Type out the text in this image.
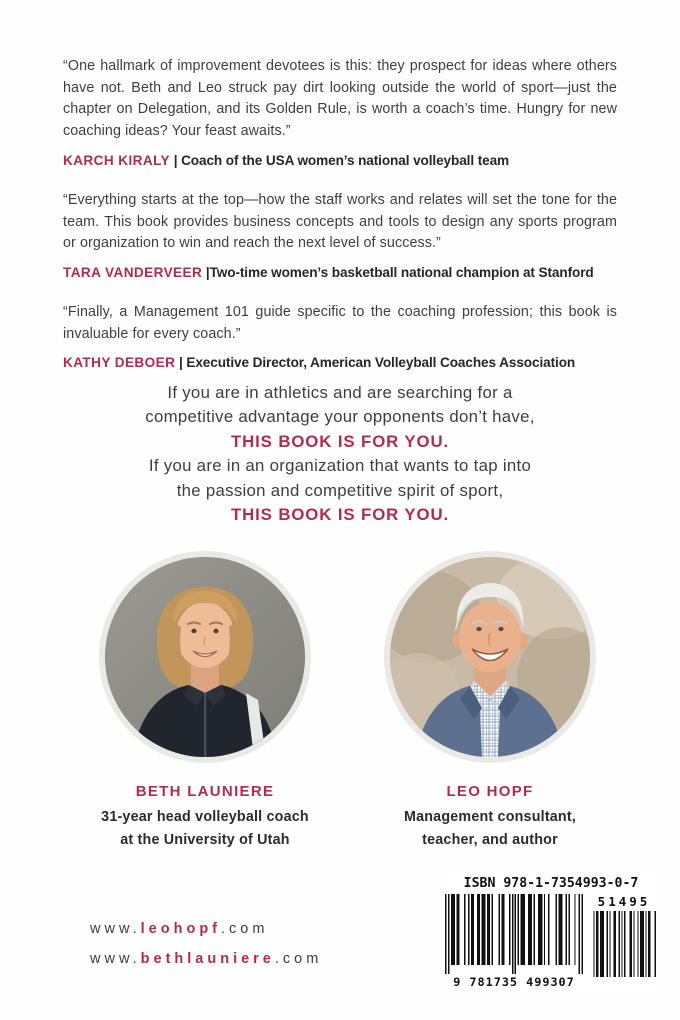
“One hallmark of improvement devotees is this: they prospect for ideas where others have not. Beth and Leo struck pay dirt looking outside the world of sport—just the chapter on Delegation, and its Golden Rule, is worth a coach’s time. Hungry for new coaching ideas? Your feast awaits.”

KARCH KIRALY | Coach of the USA women’s national volleyball team

“Everything starts at the top—how the staff works and relates will set the tone for the team. This book provides business concepts and tools to design any sports program or organization to win and reach the next level of success.”

TARA VANDERVEER |Two-time women’s basketball national champion at Stanford

“Finally, a Management 101 guide specific to the coaching profession; this book is invaluable for every coach.”

KATHY DEBOER | Executive Director, American Volleyball Coaches Association

If you are in athletics and are searching for a
competitive advantage your opponents don’t have,
THIS BOOK IS FOR YOU.
If you are in an organization that wants to tap into
the passion and competitive spirit of sport,
THIS BOOK IS FOR YOU.
BETH LAUNIERE
31-year head volleyball coach
at the University of Utah
LEO HOPF
Management consultant,
teacher, and author
www.leohopf.com
www.bethlauniere.com
ISBN 978-1-7354993-0-7
9 781735 499307
51495
